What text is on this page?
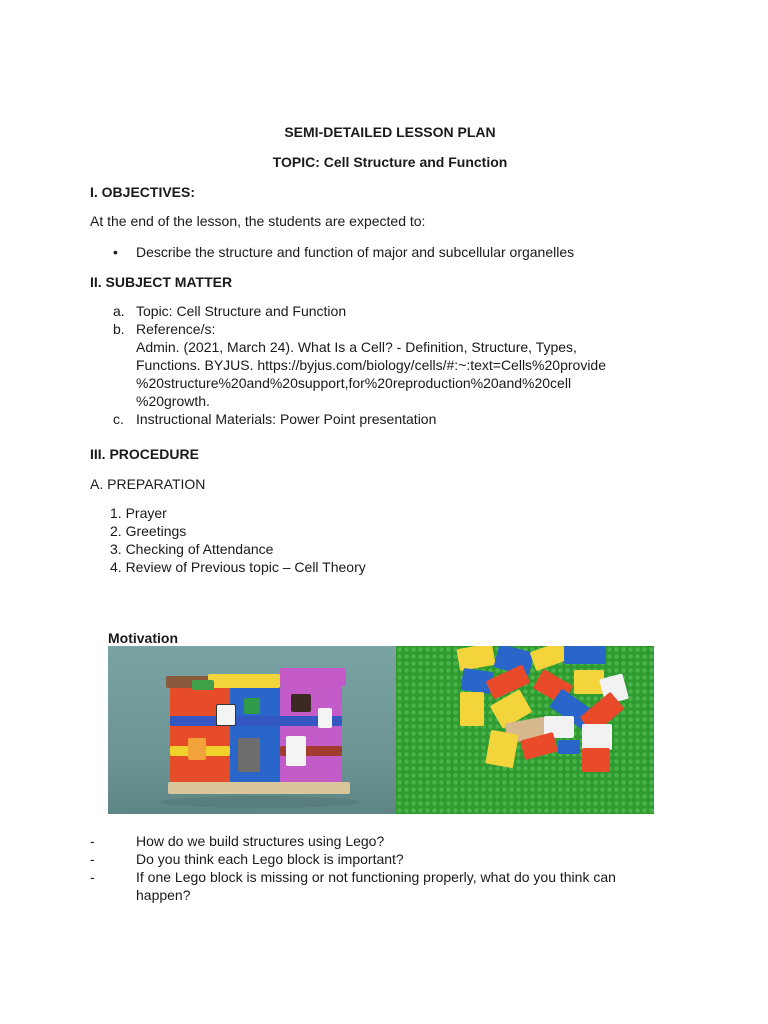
SEMI-DETAILED LESSON PLAN
TOPIC: Cell Structure and Function
I. OBJECTIVES:
At the end of the lesson, the students are expected to:
• Describe the structure and function of major and subcellular organelles
II. SUBJECT MATTER
a. Topic: Cell Structure and Function
b. Reference/s:
Admin. (2021, March 24). What Is a Cell? - Definition, Structure, Types,
Functions. BYJUS. https://byjus.com/biology/cells/#:~:text=Cells%20provide
%20structure%20and%20support,for%20reproduction%20and%20cell
%20growth.
c. Instructional Materials: Power Point presentation
III. PROCEDURE
A. PREPARATION
1. Prayer
2. Greetings
3. Checking of Attendance
4. Review of Previous topic – Cell Theory
Motivation
-	How do we build structures using Lego?
-	Do you think each Lego block is important?
-	If one Lego block is missing or not functioning properly, what do you think can
happen?
